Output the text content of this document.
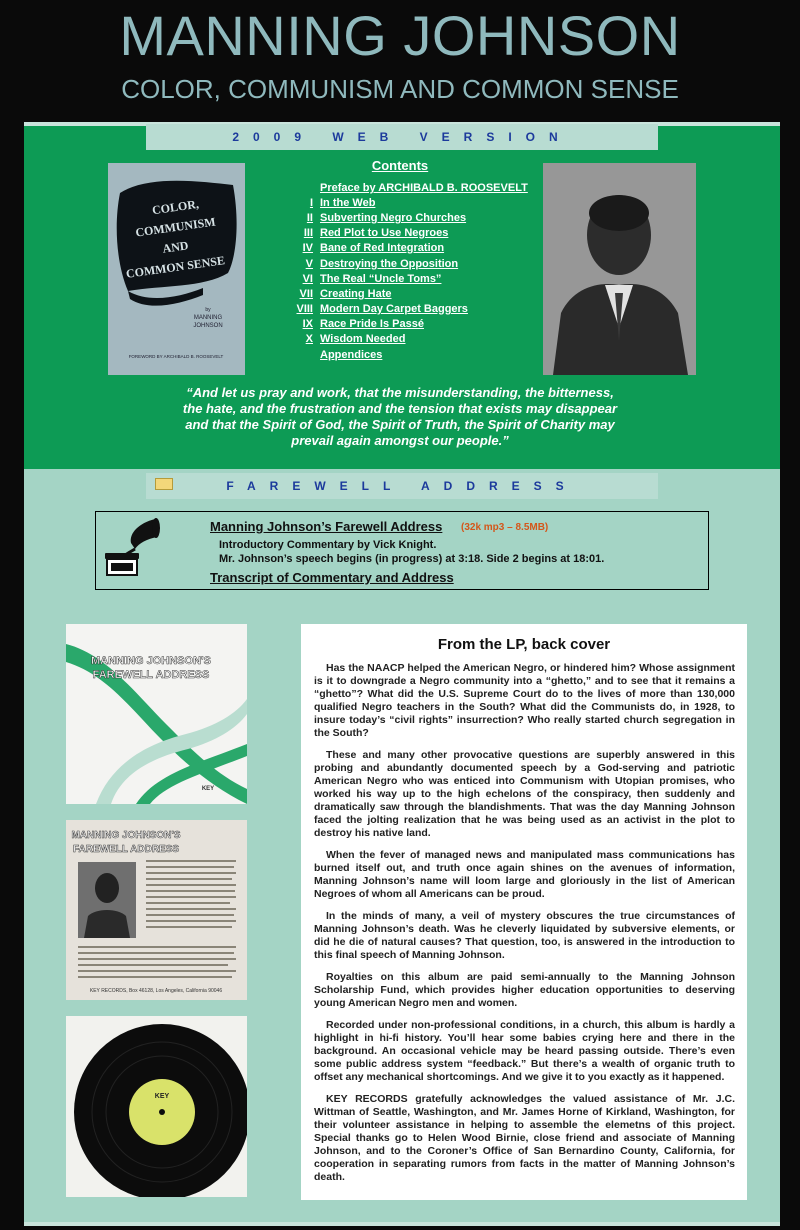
MANNING JOHNSON
COLOR, COMMUNISM AND COMMON SENSE
2009 WEB VERSION
COLOR,
COMMUNISM
AND
COMMON SENSE
by
MANNING
JOHNSON
FOREWORD BY ARCHIBALD B. ROOSEVELT
Contents
Preface by ARCHIBALD B. ROOSEVELT
I In the Web
II Subverting Negro Churches
III Red Plot to Use Negroes
IV Bane of Red Integration
V Destroying the Opposition
VI The Real “Uncle Toms”
VII Creating Hate
VIII Modern Day Carpet Baggers
IX Race Pride Is Passé
X Wisdom Needed
Appendices
“And let us pray and work, that the misunderstanding, the bitterness, the hate, and the frustration and the tension that exists may disappear and that the Spirit of God, the Spirit of Truth, the Spirit of Charity may prevail again amongst our people.”
FAREWELL ADDRESS
Manning Johnson’s Farewell Address (32k mp3 – 8.5MB)
Introductory Commentary by Vick Knight.
Mr. Johnson’s speech begins (in progress) at 3:18. Side 2 begins at 18:01.
Transcript of Commentary and Address
MANNING JOHNSON'S
FAREWELL ADDRESS
KEY
MANNING JOHNSON'S
FAREWELL ADDRESS
KEY RECORDS, Box 46128, Los Angeles, California 90046
KEY
From the LP, back cover

Has the NAACP helped the American Negro, or hindered him? Whose assignment is it to downgrade a Negro community into a “ghetto,” and to see that it remains a “ghetto”? What did the U.S. Supreme Court do to the lives of more than 130,000 qualified Negro teachers in the South? What did the Communists do, in 1928, to insure today’s “civil rights” insurrection? Who really started church segregation in the South?

These and many other provocative questions are superbly answered in this probing and abundantly documented speech by a God-serving and patriotic American Negro who was enticed into Communism with Utopian promises, who worked his way up to the high echelons of the conspiracy, then suddenly and dramatically saw through the blandishments. That was the day Manning Johnson faced the jolting realization that he was being used as an activist in the plot to destroy his native land.

When the fever of managed news and manipulated mass communications has burned itself out, and truth once again shines on the avenues of information, Manning Johnson’s name will loom large and gloriously in the list of American Negroes of whom all Americans can be proud.

In the minds of many, a veil of mystery obscures the true circumstances of Manning Johnson’s death. Was he cleverly liquidated by subversive elements, or did he die of natural causes? That question, too, is answered in the introduction to this final speech of Manning Johnson.

Royalties on this album are paid semi-annually to the Manning Johnson Scholarship Fund, which provides higher education opportunities to deserving young American Negro men and women.

Recorded under non-professional conditions, in a church, this album is hardly a highlight in hi-fi history. You’ll hear some babies crying here and there in the background. An occasional vehicle may be heard passing outside. There’s even some public address system “feedback.” But there’s a wealth of organic truth to offset any mechanical shortcomings. And we give it to you exactly as it happened.

KEY RECORDS gratefully acknowledges the valued assistance of Mr. J.C. Wittman of Seattle, Washington, and Mr. James Horne of Kirkland, Washington, for their volunteer assistance in helping to assemble the elemetns of this project. Special thanks go to Helen Wood Birnie, close friend and associate of Manning Johnson, and to the Coroner’s Office of San Bernardino County, California, for cooperation in separating rumors from facts in the matter of Manning Johnson’s death.
